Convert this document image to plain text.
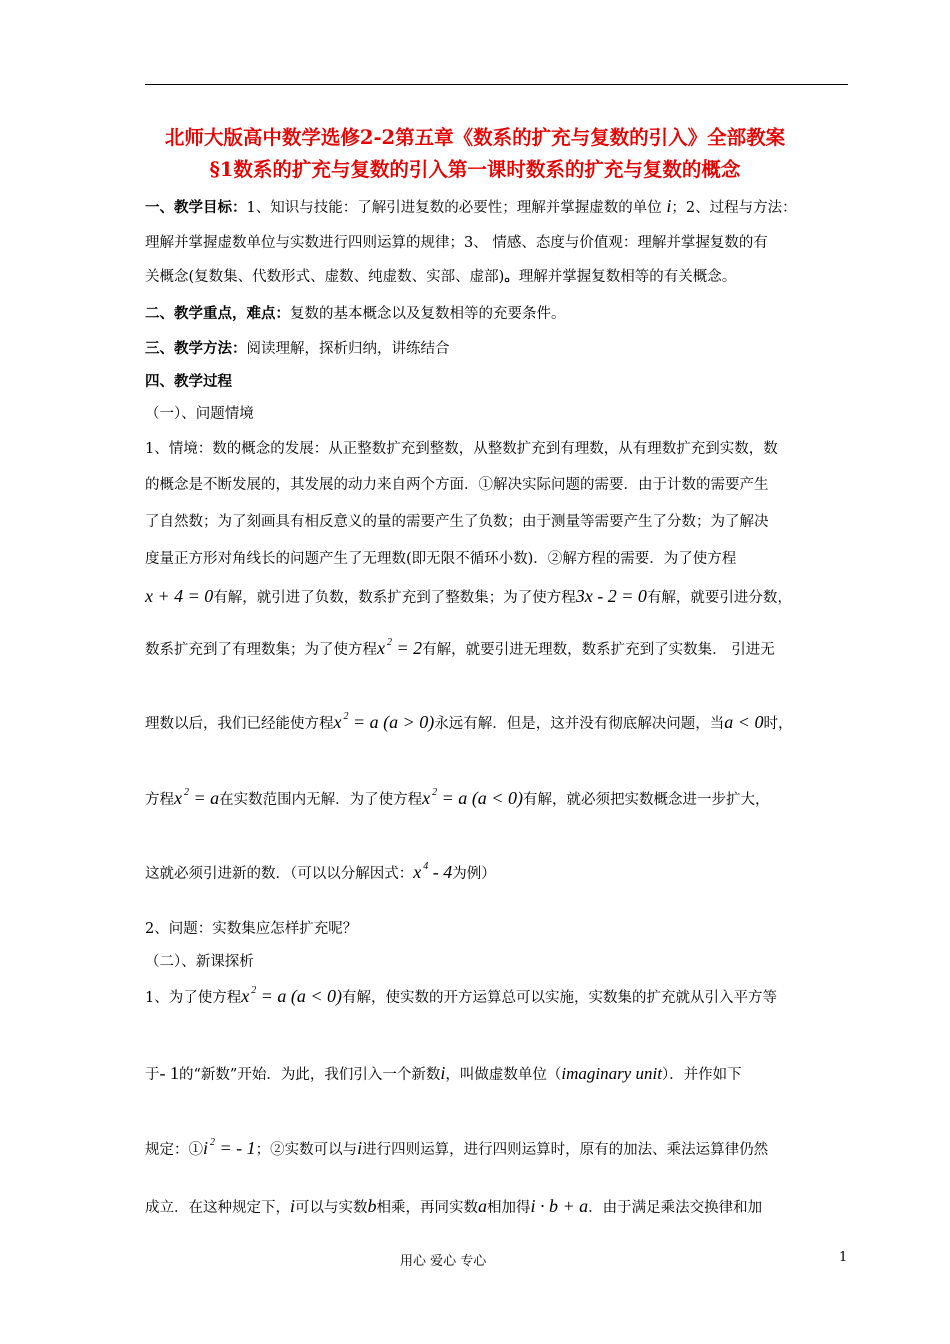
北师大版高中数学选修2-2第五章《数系的扩充与复数的引入》全部教案
§1数系的扩充与复数的引入第一课时数系的扩充与复数的概念
一、教学目标：1、知识与技能：了解引进复数的必要性；理解并掌握虚数的单位 i；2、过程与方法：
理解并掌握虚数单位与实数进行四则运算的规律；3、 情感、态度与价值观：理解并掌握复数的有
关概念(复数集、代数形式、虚数、纯虚数、实部、虚部)。理解并掌握复数相等的有关概念。
二、教学重点，难点：复数的基本概念以及复数相等的充要条件。
三、教学方法：阅读理解，探析归纳，讲练结合
四、教学过程
（一）、问题情境
1、情境：数的概念的发展：从正整数扩充到整数，从整数扩充到有理数，从有理数扩充到实数，数
的概念是不断发展的，其发展的动力来自两个方面．①解决实际问题的需要．由于计数的需要产生
了自然数；为了刻画具有相反意义的量的需要产生了负数；由于测量等需要产生了分数；为了解决
度量正方形对角线长的问题产生了无理数(即无限不循环小数)．②解方程的需要．为了使方程
x + 4 = 0有解，就引进了负数，数系扩充到了整数集；为了使方程3x - 2 = 0有解，就要引进分数，
数系扩充到了有理数集；为了使方程x $^2$ = 2有解，就要引进无理数，数系扩充到了实数集． 引进无
理数以后，我们已经能使方程x $^2$ = a (a > 0)永远有解．但是，这并没有彻底解决问题，当a < 0时，
方程x $^2$ = a在实数范围内无解．为了使方程x $^2$ = a (a < 0)有解，就必须把实数概念进一步扩大，
这就必须引进新的数．（可以以分解因式：x $^4$ - 4为例）
2、问题：实数集应怎样扩充呢？
（二）、新课探析
1、为了使方程x $^2$ = a (a < 0)有解，使实数的开方运算总可以实施，实数集的扩充就从引入平方等
于- 1的“新数”开始．为此，我们引入一个新数i，叫做虚数单位（imaginary unit）．并作如下
规定：①i $^2$ = - 1；②实数可以与i进行四则运算，进行四则运算时，原有的加法、乘法运算律仍然
成立．在这种规定下，i可以与实数b相乘，再同实数a相加得i · b + a．由于满足乘法交换律和加
用心 爱心 专心	1
